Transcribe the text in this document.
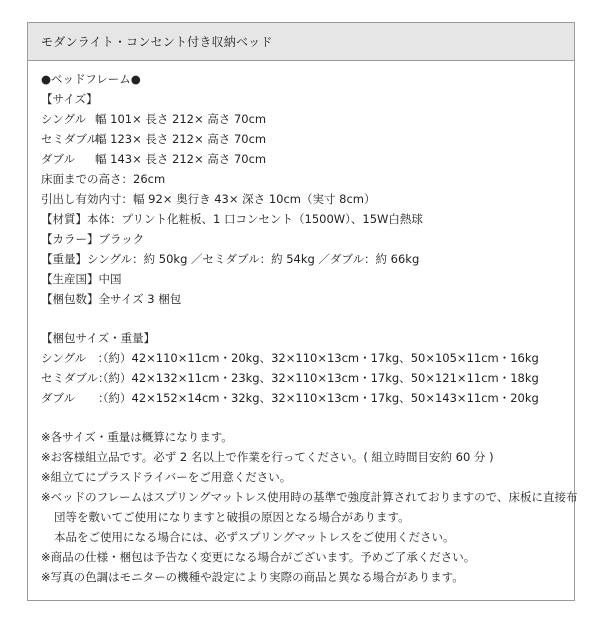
モダンライト・コンセント付き収納ベッド
●ベッドフレーム●
【サイズ】
シングル　：
幅 101× 長さ 212× 高さ 70cm
セミダブル：
幅 123× 長さ 212× 高さ 70cm
ダブル　　：
幅 143× 長さ 212× 高さ 70cm
床面までの高さ：26cm
引出し有効内寸：幅 92× 奥行き 43× 深さ 10cm（実寸 8cm）
【材質】本体：プリント化粧板、1 口コンセント（1500W）、15W白熱球
【カラー】ブラック
【重量】シングル：約 50kg ／セミダブル：約 54kg ／ダブル：約 66kg
【生産国】中国
【梱包数】全サイズ 3 梱包
【梱包サイズ・重量】
シングル　：
（約）42×110×11cm・20kg、32×110×13cm・17kg、50×105×11cm・16kg
セミダブル：
（約）42×132×11cm・23kg、32×110×13cm・17kg、50×121×11cm・18kg
ダブル　　：
（約）42×152×14cm・32kg、32×110×13cm・17kg、50×143×11cm・20kg
※各サイズ・重量は概算になります。
※お客様組立品です。必ず 2 名以上で作業を行ってください。( 組立時間目安約 60 分 )
※組立てにプラスドライバーをご用意ください。
※ベッドのフレームはスプリングマットレス使用時の基準で強度計算されておりますので、床板に直接布
団等を敷いてご使用になりますと破損の原因となる場合があります。
本品をご使用になる場合には、必ずスプリングマットレスをご使用ください。
※商品の仕様・梱包は予告なく変更になる場合がございます。予めご了承ください。
※写真の色調はモニターの機種や設定により実際の商品と異なる場合があります。
